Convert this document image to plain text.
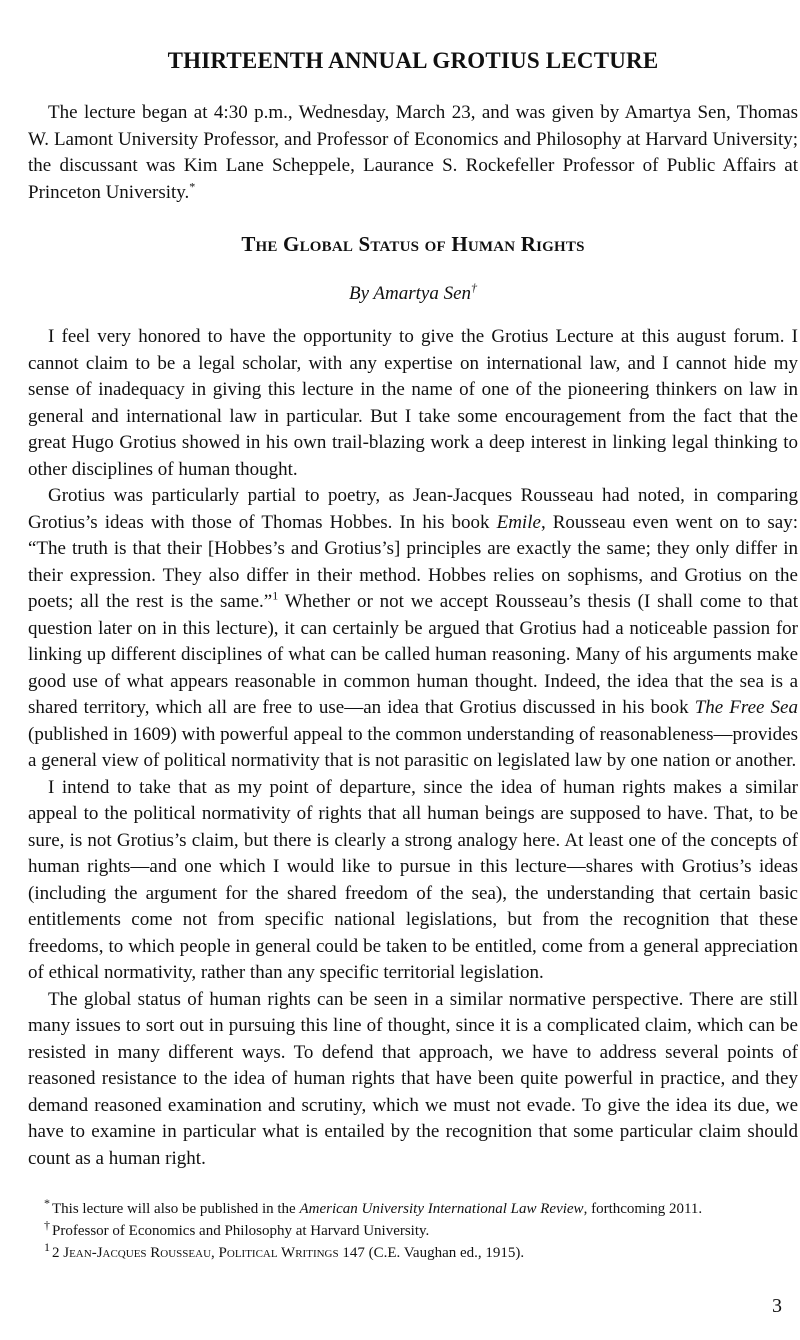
THIRTEENTH ANNUAL GROTIUS LECTURE

The lecture began at 4:30 p.m., Wednesday, March 23, and was given by Amartya Sen, Thomas W. Lamont University Professor, and Professor of Economics and Philosophy at Harvard University; the discussant was Kim Lane Scheppele, Laurance S. Rockefeller Professor of Public Affairs at Princeton University.*

The Global Status of Human Rights
By Amartya Sen†

I feel very honored to have the opportunity to give the Grotius Lecture at this august forum. I cannot claim to be a legal scholar, with any expertise on international law, and I cannot hide my sense of inadequacy in giving this lecture in the name of one of the pioneering thinkers on law in general and international law in particular. But I take some encouragement from the fact that the great Hugo Grotius showed in his own trail-blazing work a deep interest in linking legal thinking to other disciplines of human thought.

Grotius was particularly partial to poetry, as Jean-Jacques Rousseau had noted, in comparing Grotius’s ideas with those of Thomas Hobbes. In his book Emile, Rousseau even went on to say: “The truth is that their [Hobbes’s and Grotius’s] principles are exactly the same; they only differ in their expression. They also differ in their method. Hobbes relies on sophisms, and Grotius on the poets; all the rest is the same.”$^1$ Whether or not we accept Rousseau’s thesis (I shall come to that question later on in this lecture), it can certainly be argued that Grotius had a noticeable passion for linking up different disciplines of what can be called human reasoning. Many of his arguments make good use of what appears reasonable in common human thought. Indeed, the idea that the sea is a shared territory, which all are free to use—an idea that Grotius discussed in his book The Free Sea (published in 1609) with powerful appeal to the common understanding of reasonableness—provides a general view of political normativity that is not parasitic on legislated law by one nation or another.

I intend to take that as my point of departure, since the idea of human rights makes a similar appeal to the political normativity of rights that all human beings are supposed to have. That, to be sure, is not Grotius’s claim, but there is clearly a strong analogy here. At least one of the concepts of human rights—and one which I would like to pursue in this lecture—shares with Grotius’s ideas (including the argument for the shared freedom of the sea), the understanding that certain basic entitlements come not from specific national legislations, but from the recognition that these freedoms, to which people in general could be taken to be entitled, come from a general appreciation of ethical normativity, rather than any specific territorial legislation.

The global status of human rights can be seen in a similar normative perspective. There are still many issues to sort out in pursuing this line of thought, since it is a complicated claim, which can be resisted in many different ways. To defend that approach, we have to address several points of reasoned resistance to the idea of human rights that have been quite powerful in practice, and they demand reasoned examination and scrutiny, which we must not evade. To give the idea its due, we have to examine in particular what is entailed by the recognition that some particular claim should count as a human right.

* This lecture will also be published in the American University International Law Review, forthcoming 2011.

† Professor of Economics and Philosophy at Harvard University.

$^1$ 2 Jean-Jacques Rousseau, Political Writings 147 (C.E. Vaughan ed., 1915).

3
